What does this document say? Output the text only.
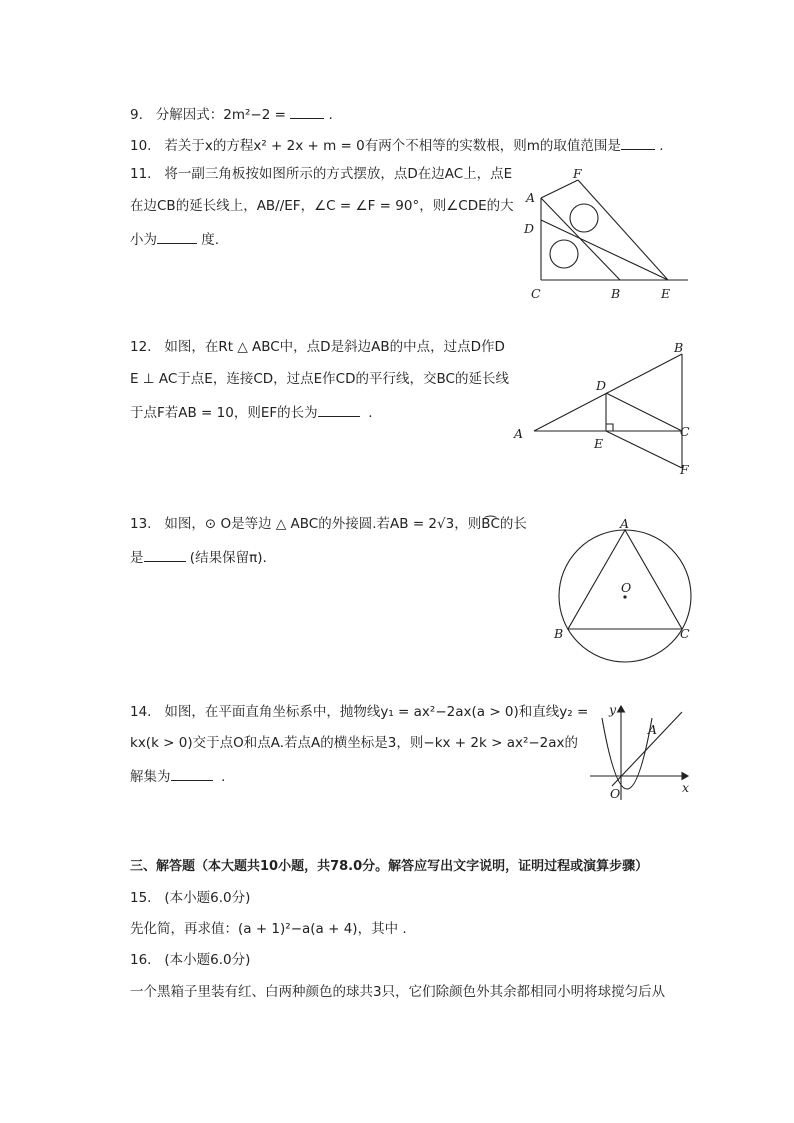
9. 分解因式：2m²−2 =	.
10. 若关于x的方程x² + 2x + m = 0有两个不相等的实数根，则m的取值范围是	.
11. 将一副三角板按如图所示的方式摆放，点D在边AC上，点E
在边CB的延长线上，AB//EF，∠C = ∠F = 90°，则∠CDE的大
小为	度.
A
F
D
C	B	E
12. 如图，在Rt △ ABC中，点D是斜边AB的中点，过点D作D
E ⊥ AC于点E，连接CD，过点E作CD的平行线，交BC的延长线
于点F若AB = 10，则EF的长为	.
A
B
D
E
C
F
13. 如图，⊙ O是等边 △ ABC的外接圆.若AB = 2√3，则B͡C的长
是	(结果保留π).
A
B	C
O
14. 如图，在平面直角坐标系中，抛物线y₁ = ax²−2ax(a > 0)和直线y₂ =
kx(k > 0)交于点O和点A.若点A的横坐标是3，则−kx + 2k > ax²−2ax的
解集为	.
y
x
O
A
三、解答题（本大题共10小题，共78.0分。解答应写出文字说明，证明过程或演算步骤）
15. (本小题6.0分)
先化简，再求值：(a + 1)²−a(a + 4)，其中 .
16. (本小题6.0分)
一个黑箱子里装有红、白两种颜色的球共3只，它们除颜色外其余都相同小明将球搅匀后从
